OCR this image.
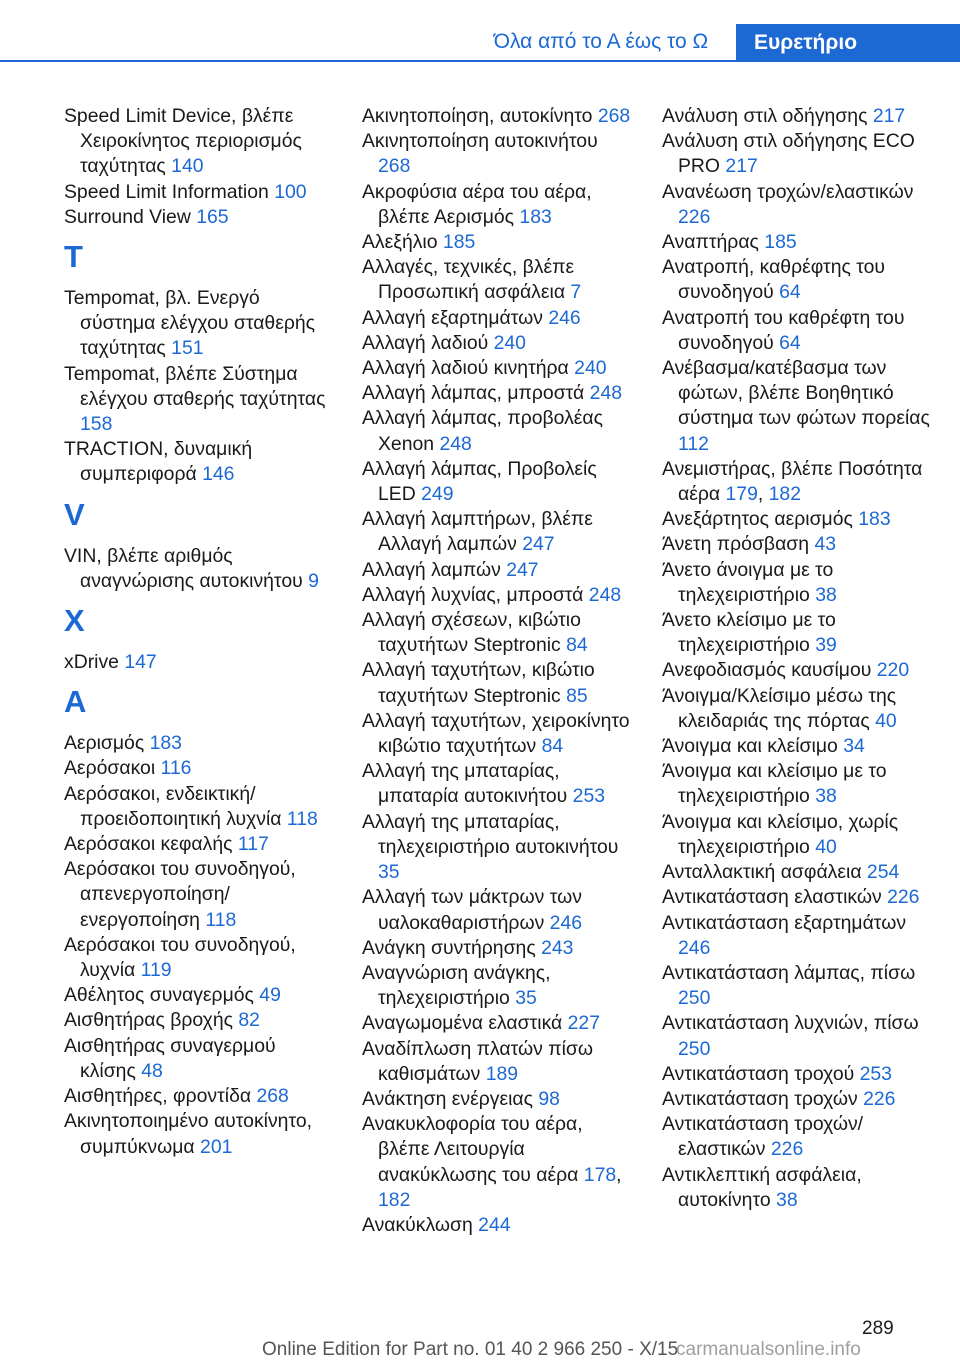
Όλα από το Α έως το Ω	Ευρετήριο
Speed Limit Device, βλέπε Χειροκίνητος περιορισμός ταχύτητας 140
Speed Limit Information 100
Surround View 165
T
Tempomat, βλ. Ενεργό σύστημα ελέγχου σταθερής ταχύτητας 151
Tempomat, βλέπε Σύστημα ελέγχου σταθερής ταχύτητας 158
TRACTION, δυναμική συμπεριφορά 146
V
VIN, βλέπε αριθμός αναγνώρισης αυτοκινήτου 9
X
xDrive 147
A
Αερισμός 183
Αερόσακοι 116
Αερόσακοι, ενδεικτική/προειδοποιητική λυχνία 118
Αερόσακοι κεφαλής 117
Αερόσακοι του συνοδηγού, απενεργοποίηση/ενεργοποίηση 118
Αερόσακοι του συνοδηγού, λυχνία 119
Αθέλητος συναγερμός 49
Αισθητήρας βροχής 82
Αισθητήρας συναγερμού κλίσης 48
Αισθητήρες, φροντίδα 268
Ακινητοποιημένο αυτοκίνητο, συμπύκνωμα 201
Ακινητοποίηση, αυτοκίνητο 268
Ακινητοποίηση αυτοκινήτου 268
Ακροφύσια αέρα του αέρα, βλέπε Αερισμός 183
Αλεξήλιο 185
Αλλαγές, τεχνικές, βλέπε Προσωπική ασφάλεια 7
Αλλαγή εξαρτημάτων 246
Αλλαγή λαδιού 240
Αλλαγή λαδιού κινητήρα 240
Αλλαγή λάμπας, μπροστά 248
Αλλαγή λάμπας, προβολέας Xenon 248
Αλλαγή λάμπας, Προβολείς LED 249
Αλλαγή λαμπτήρων, βλέπε Αλλαγή λαμπών 247
Αλλαγή λαμπών 247
Αλλαγή λυχνίας, μπροστά 248
Αλλαγή σχέσεων, κιβώτιο ταχυτήτων Steptronic 84
Αλλαγή ταχυτήτων, κιβώτιο ταχυτήτων Steptronic 85
Αλλαγή ταχυτήτων, χειροκίνητο κιβώτιο ταχυτήτων 84
Αλλαγή της μπαταρίας, μπαταρία αυτοκινήτου 253
Αλλαγή της μπαταρίας, τηλεχειριστήριο αυτοκινήτου 35
Αλλαγή των μάκτρων των υαλοκαθαριστήρων 246
Ανάγκη συντήρησης 243
Αναγνώριση ανάγκης, τηλεχειριστήριο 35
Αναγωμομένα ελαστικά 227
Αναδίπλωση πλατών πίσω καθισμάτων 189
Ανάκτηση ενέργειας 98
Ανακυκλοφορία του αέρα, βλέπε Λειτουργία ανακύκλωσης του αέρα 178, 182
Ανακύκλωση 244
Ανάλυση στιλ οδήγησης 217
Ανάλυση στιλ οδήγησης ECO PRO 217
Ανανέωση τροχών/ελαστικών 226
Αναπτήρας 185
Ανατροπή, καθρέφτης του συνοδηγού 64
Ανατροπή του καθρέφτη του συνοδηγού 64
Ανέβασμα/κατέβασμα των φώτων, βλέπε Βοηθητικό σύστημα των φώτων πορείας 112
Ανεμιστήρας, βλέπε Ποσότητα αέρα 179, 182
Ανεξάρτητος αερισμός 183
Άνετη πρόσβαση 43
Άνετο άνοιγμα με το τηλεχειριστήριο 38
Άνετο κλείσιμο με το τηλεχειριστήριο 39
Ανεφοδιασμός καυσίμου 220
Άνοιγμα/Κλείσιμο μέσω της κλειδαριάς της πόρτας 40
Άνοιγμα και κλείσιμο 34
Άνοιγμα και κλείσιμο με το τηλεχειριστήριο 38
Άνοιγμα και κλείσιμο, χωρίς τηλεχειριστήριο 40
Ανταλλακτική ασφάλεια 254
Αντικατάσταση ελαστικών 226
Αντικατάσταση εξαρτημάτων 246
Αντικατάσταση λάμπας, πίσω 250
Αντικατάσταση λυχνιών, πίσω 250
Αντικατάσταση τροχού 253
Αντικατάσταση τροχών 226
Αντικατάσταση τροχών/ελαστικών 226
Αντικλεπτική ασφάλεια, αυτοκίνητο 38
289
Online Edition for Part no. 01 40 2 966 250 - X/15
carmanualsonline.info
